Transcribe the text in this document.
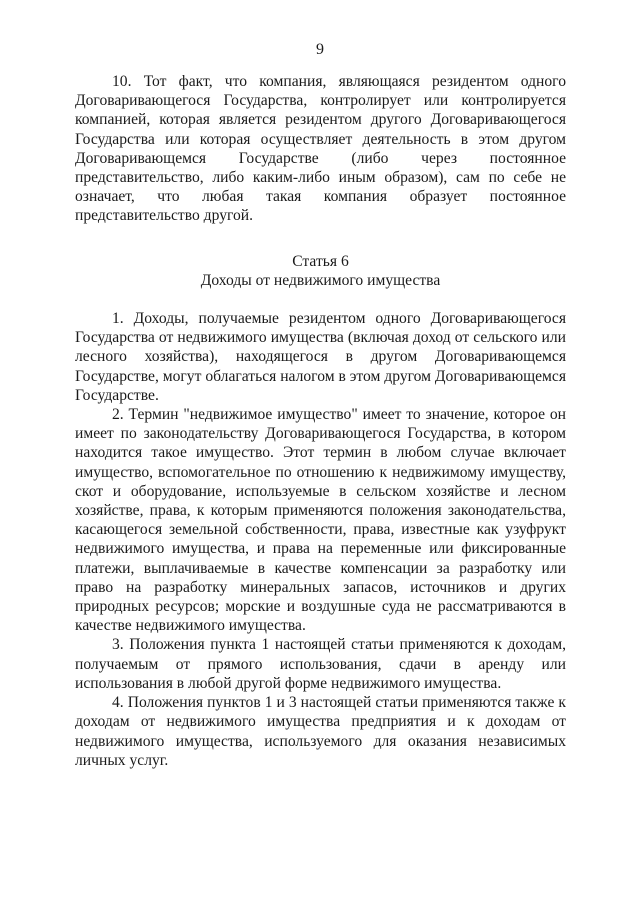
9

10. Тот факт, что компания, являющаяся резидентом одного Договаривающегося Государства, контролирует или контролируется компанией, которая является резидентом другого Договаривающегося Государства или которая осуществляет деятельность в этом другом Договаривающемся Государстве (либо через постоянное представительство, либо каким-либо иным образом), сам по себе не означает, что любая такая компания образует постоянное представительство другой.

Статья 6
Доходы от недвижимого имущества

1. Доходы, получаемые резидентом одного Договаривающегося Государства от недвижимого имущества (включая доход от сельского или лесного хозяйства), находящегося в другом Договаривающемся Государстве, могут облагаться налогом в этом другом Договаривающемся Государстве.

2. Термин "недвижимое имущество" имеет то значение, которое он имеет по законодательству Договаривающегося Государства, в котором находится такое имущество. Этот термин в любом случае включает имущество, вспомогательное по отношению к недвижимому имуществу, скот и оборудование, используемые в сельском хозяйстве и лесном хозяйстве, права, к которым применяются положения законодательства, касающегося земельной собственности, права, известные как узуфрукт недвижимого имущества, и права на переменные или фиксированные платежи, выплачиваемые в качестве компенсации за разработку или право на разработку минеральных запасов, источников и других природных ресурсов; морские и воздушные суда не рассматриваются в качестве недвижимого имущества.

3. Положения пункта 1 настоящей статьи применяются к доходам, получаемым от прямого использования, сдачи в аренду или использования в любой другой форме недвижимого имущества.

4. Положения пунктов 1 и 3 настоящей статьи применяются также к доходам от недвижимого имущества предприятия и к доходам от недвижимого имущества, используемого для оказания независимых личных услуг.
